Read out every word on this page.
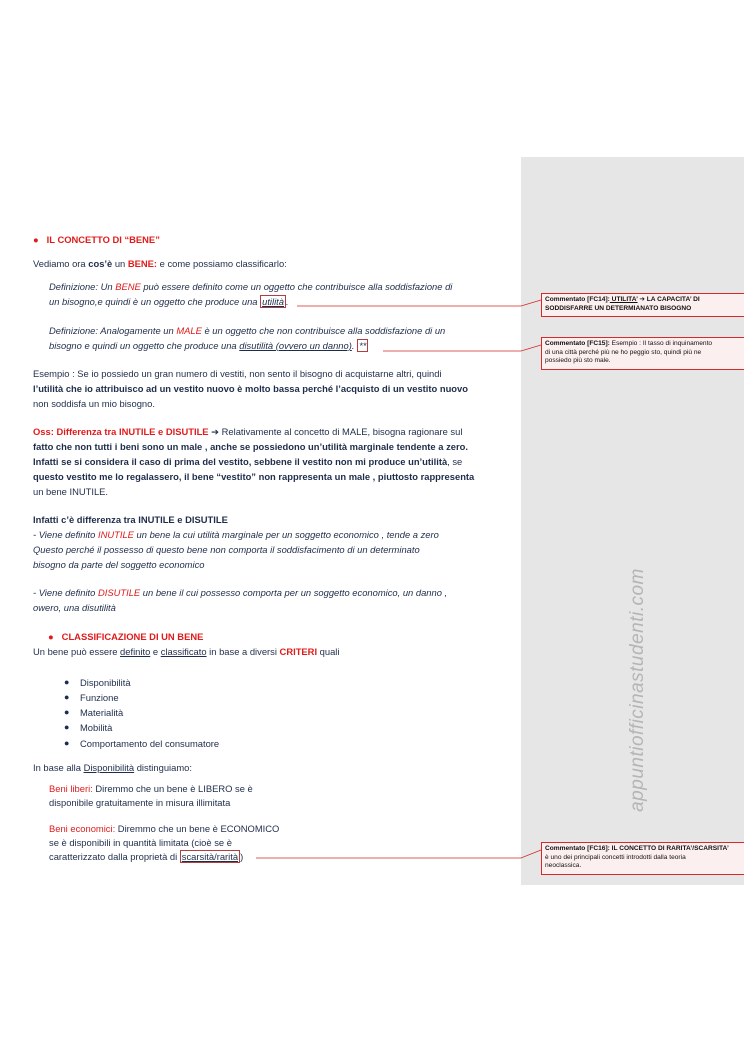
appuntiofficinastudenti.com
● IL CONCETTO DI “BENE”
Vediamo ora cos’è un BENE: e come possiamo classificarlo:
Definizione: Un BENE può essere definito come un oggetto che contribuisce alla soddisfazione di
un bisogno,e quindi è un oggetto che produce una utilità .
Definizione: Analogamente un MALE è un oggetto che non contribuisce alla soddisfazione di un
bisogno e quindi un oggetto che produce una disutilità (ovvero un danno). **
Esempio : Se io possiedo un gran numero di vestiti, non sento il bisogno di acquistarne altri, quindi
l’utilità che io attribuisco ad un vestito nuovo è molto bassa perché l’acquisto di un vestito nuovo
non soddisfa un mio bisogno.
Oss: Differenza tra INUTILE e DISUTILE ➔ Relativamente al concetto di MALE, bisogna ragionare sul
fatto che non tutti i beni sono un male , anche se possiedono un’utilità marginale tendente a zero.
Infatti se si considera il caso di prima del vestito, sebbene il vestito non mi produce un’utilità, se
questo vestito me lo regalassero, il bene “vestito” non rappresenta un male , piuttosto rappresenta
un bene INUTILE.
Infatti c’è differenza tra INUTILE e DISUTILE
- Viene definito INUTILE un bene la cui utilità marginale per un soggetto economico , tende a zero
Questo perché il possesso di questo bene non comporta il soddisfacimento di un determinato
bisogno da parte del soggetto economico
- Viene definito DISUTILE un bene il cui possesso comporta per un soggetto economico, un danno ,
owero, una disutilità
● CLASSIFICAZIONE DI UN BENE
Un bene può essere definito e classificato in base a diversi CRITERI quali
● Disponibilità
● Funzione
● Materialità
● Mobilità
● Comportamento del consumatore
In base alla Disponibilità distinguiamo:
Beni liberi: Diremmo che un bene è LIBERO se è
disponibile gratuitamente in misura illimitata
Beni economici: Diremmo che un bene è ECONOMICO
se è disponibili in quantità limitata (cioè se è
caratterizzato dalla proprietà di scarsità/rarità )
Commentato [FC14]: UTILITA’ ➔ LA CAPACITA’ DI
SODDISFARRE UN DETERMIANATO BISOGNO
Commentato [FC15]: Esempio : Il tasso di inquinamento
di una città perché più ne ho peggio sto, quindi più ne
possiedo più sto male.
Commentato [FC16]: IL CONCETTO DI RARITA’/SCARSITA’
è uno dei principali concetti introdotti dalla teoria
neoclassica.
